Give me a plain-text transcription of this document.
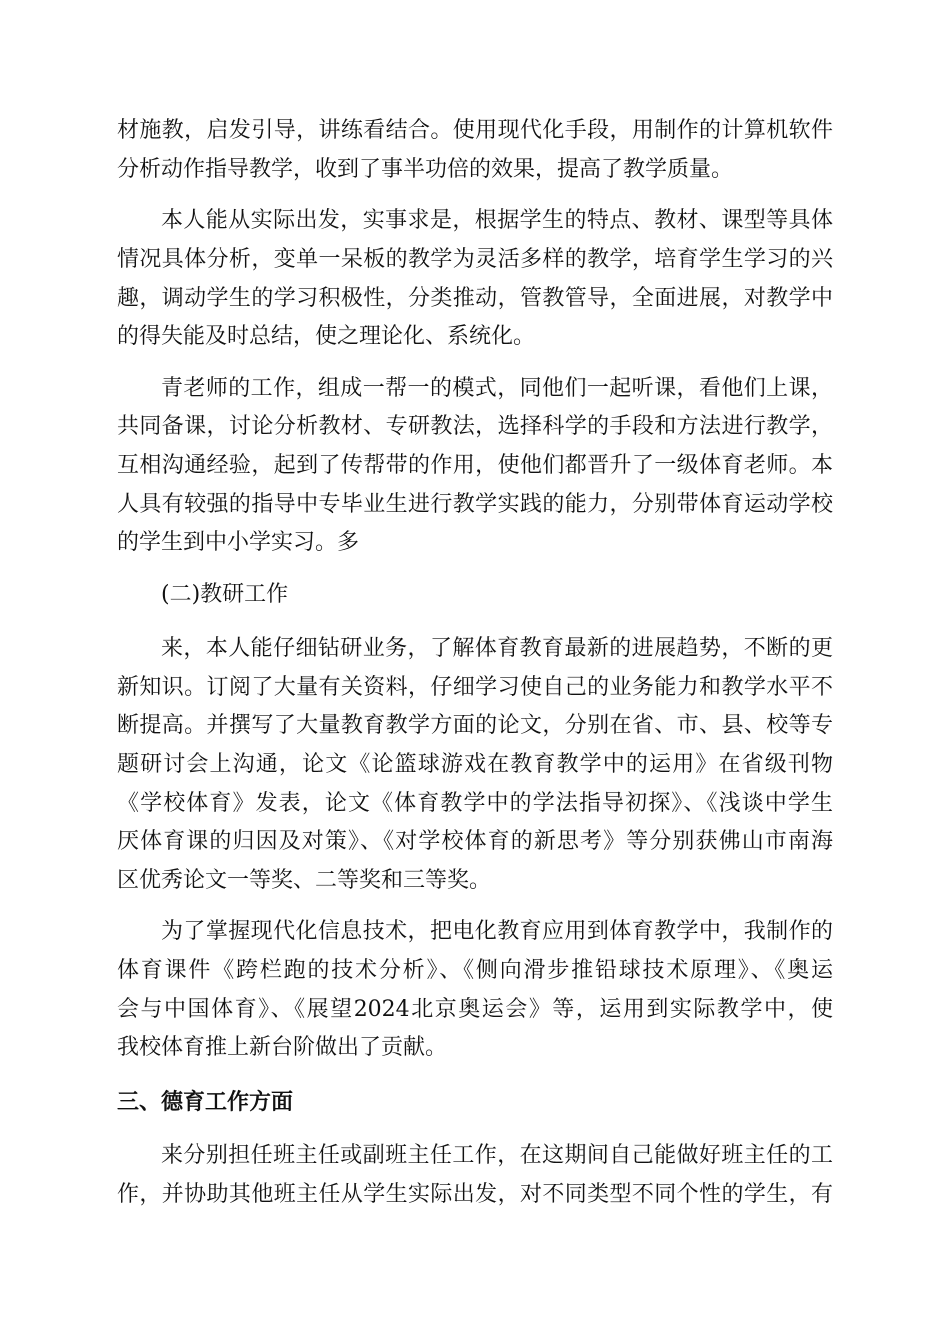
材施教，启发引导，讲练看结合。使用现代化手段，用制作的计算机软件
分析动作指导教学，收到了事半功倍的效果，提高了教学质量。
本人能从实际出发，实事求是，根据学生的特点、教材、课型等具体
情况具体分析，变单一呆板的教学为灵活多样的教学，培育学生学习的兴
趣，调动学生的学习积极性，分类推动，管教管导，全面进展，对教学中
的得失能及时总结，使之理论化、系统化。
青老师的工作，组成一帮一的模式，同他们一起听课，看他们上课，
共同备课，讨论分析教材、专研教法，选择科学的手段和方法进行教学，
互相沟通经验，起到了传帮带的作用，使他们都晋升了一级体育老师。本
人具有较强的指导中专毕业生进行教学实践的能力，分别带体育运动学校
的学生到中小学实习。多
(二)教研工作
来，本人能仔细钻研业务，了解体育教育最新的进展趋势，不断的更
新知识。订阅了大量有关资料，仔细学习使自己的业务能力和教学水平不
断提高。并撰写了大量教育教学方面的论文，分别在省、市、县、校等专
题研讨会上沟通，论文《论篮球游戏在教育教学中的运用》在省级刊物
《学校体育》发表，论文《体育教学中的学法指导初探》、《浅谈中学生
厌体育课的归因及对策》、《对学校体育的新思考》等分别获佛山市南海
区优秀论文一等奖、二等奖和三等奖。
为了掌握现代化信息技术，把电化教育应用到体育教学中，我制作的
体育课件《跨栏跑的技术分析》、《侧向滑步推铅球技术原理》、《奥运
会与中国体育》、《展望2024北京奥运会》等，运用到实际教学中，使
我校体育推上新台阶做出了贡献。
三、德育工作方面
来分别担任班主任或副班主任工作，在这期间自己能做好班主任的工
作，并协助其他班主任从学生实际出发，对不同类型不同个性的学生，有
